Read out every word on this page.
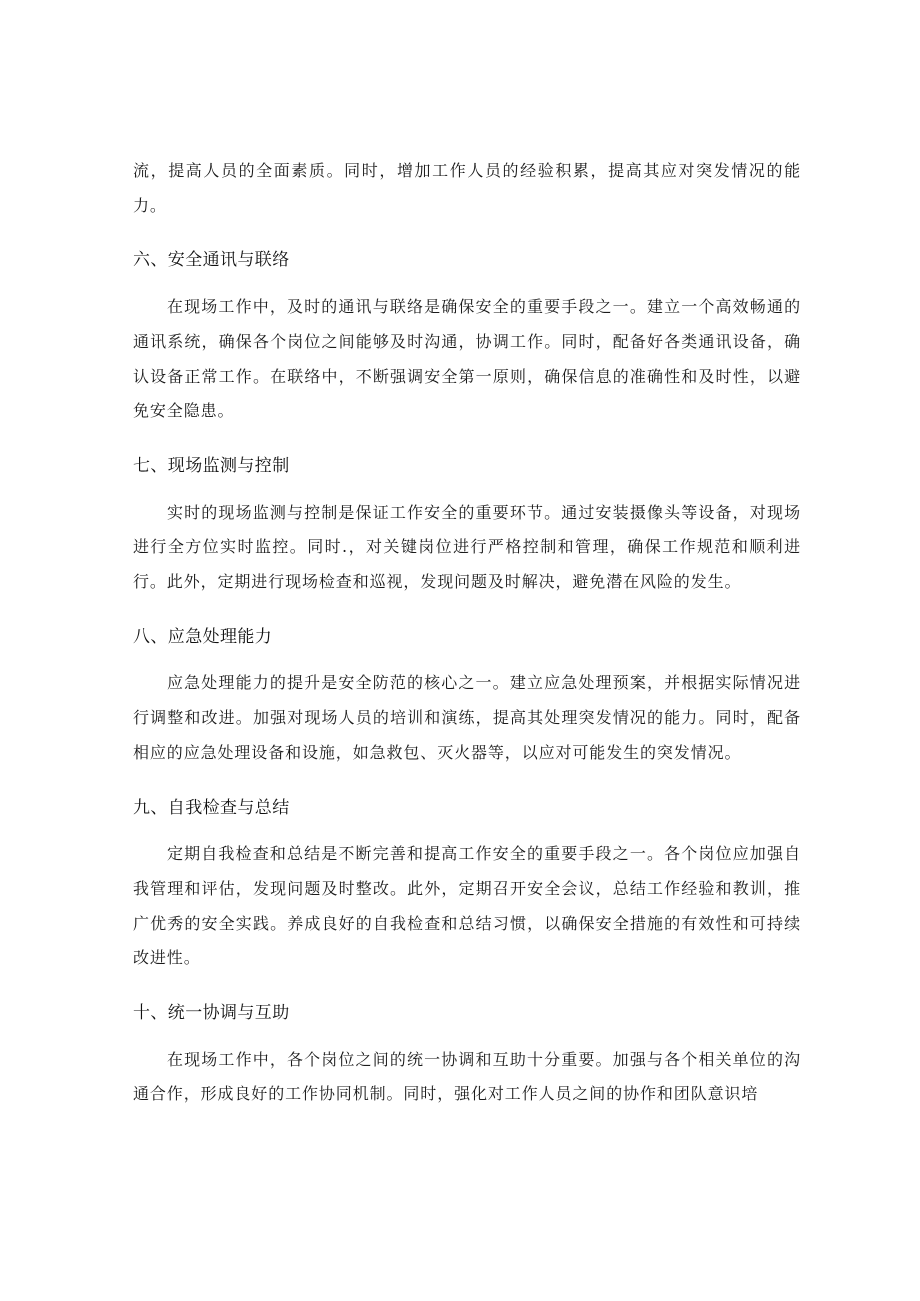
流，提高人员的全面素质。同时，增加工作人员的经验积累，提高其应对突发情况的能力。

六、安全通讯与联络

在现场工作中，及时的通讯与联络是确保安全的重要手段之一。建立一个高效畅通的通讯系统，确保各个岗位之间能够及时沟通，协调工作。同时，配备好各类通讯设备，确认设备正常工作。在联络中，不断强调安全第一原则，确保信息的准确性和及时性，以避免安全隐患。

七、现场监测与控制

实时的现场监测与控制是保证工作安全的重要环节。通过安装摄像头等设备，对现场进行全方位实时监控。同时.，对关键岗位进行严格控制和管理，确保工作规范和顺利进行。此外，定期进行现场检查和巡视，发现问题及时解决，避免潜在风险的发生。

八、应急处理能力

应急处理能力的提升是安全防范的核心之一。建立应急处理预案，并根据实际情况进行调整和改进。加强对现场人员的培训和演练，提高其处理突发情况的能力。同时，配备相应的应急处理设备和设施，如急救包、灭火器等，以应对可能发生的突发情况。

九、自我检查与总结

定期自我检查和总结是不断完善和提高工作安全的重要手段之一。各个岗位应加强自我管理和评估，发现问题及时整改。此外，定期召开安全会议，总结工作经验和教训，推广优秀的安全实践。养成良好的自我检查和总结习惯，以确保安全措施的有效性和可持续改进性。

十、统一协调与互助

在现场工作中，各个岗位之间的统一协调和互助十分重要。加强与各个相关单位的沟通合作，形成良好的工作协同机制。同时，强化对工作人员之间的协作和团队意识培
